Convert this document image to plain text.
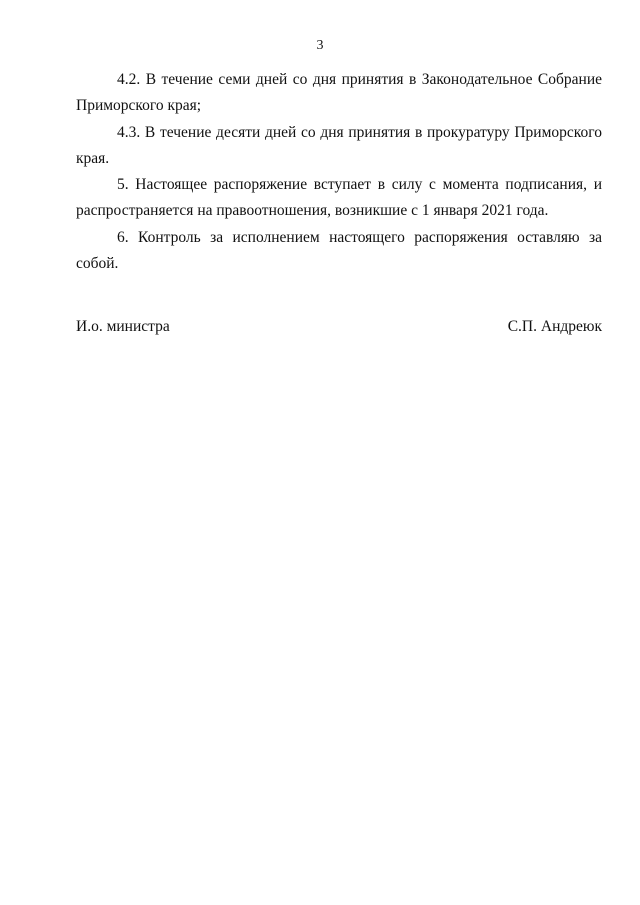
3

4.2. В течение семи дней со дня принятия в Законодательное Собрание Приморского края;

4.3. В течение десяти дней со дня принятия в прокуратуру Приморского края.

5. Настоящее распоряжение вступает в силу с момента подписания, и распространяется на правоотношения, возникшие с 1 января 2021 года.

6. Контроль за исполнением настоящего распоряжения оставляю за собой.

И.о. министра	С.П. Андреюк
